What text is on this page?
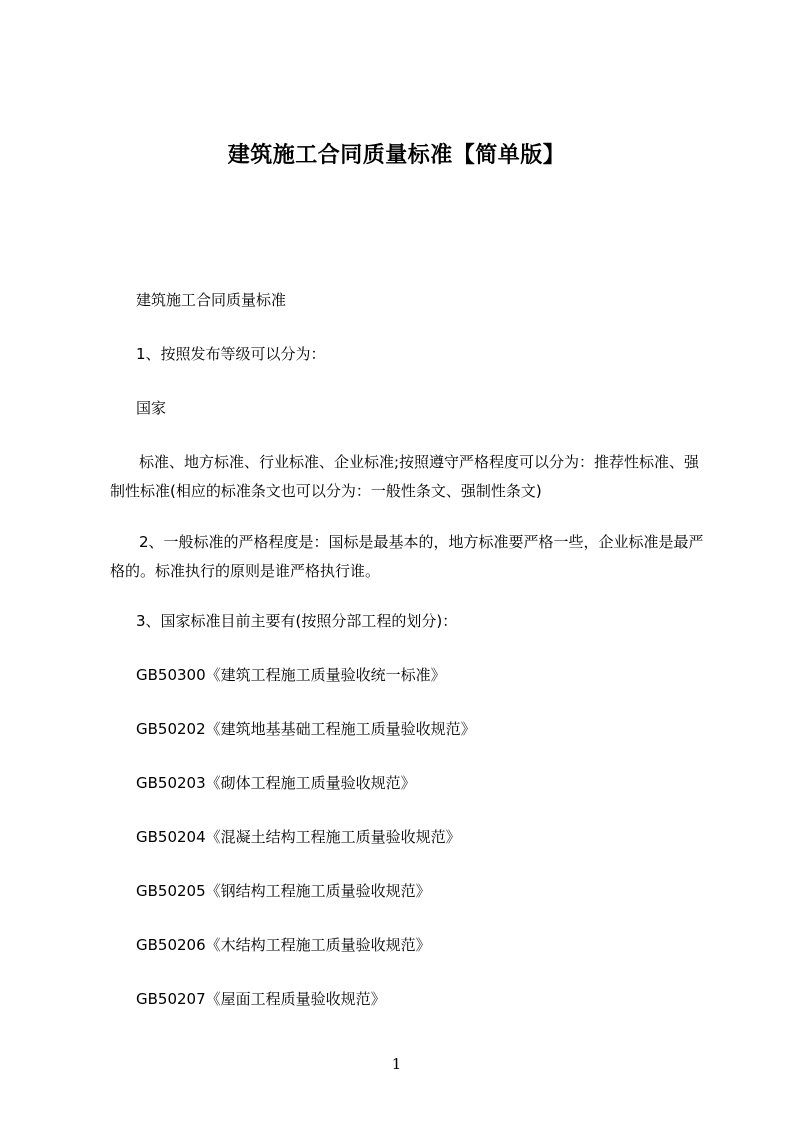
建筑施工合同质量标准【简单版】
建筑施工合同质量标准
1、按照发布等级可以分为：
国家
标准、地方标准、行业标准、企业标准;按照遵守严格程度可以分为：推荐性标准、强制性标准(相应的标准条文也可以分为：一般性条文、强制性条文)
2、一般标准的严格程度是：国标是最基本的，地方标准要严格一些，企业标准是最严格的。标准执行的原则是谁严格执行谁。
3、国家标准目前主要有(按照分部工程的划分)：
GB50300《建筑工程施工质量验收统一标准》
GB50202《建筑地基基础工程施工质量验收规范》
GB50203《砌体工程施工质量验收规范》
GB50204《混凝土结构工程施工质量验收规范》
GB50205《钢结构工程施工质量验收规范》
GB50206《木结构工程施工质量验收规范》
GB50207《屋面工程质量验收规范》
1
